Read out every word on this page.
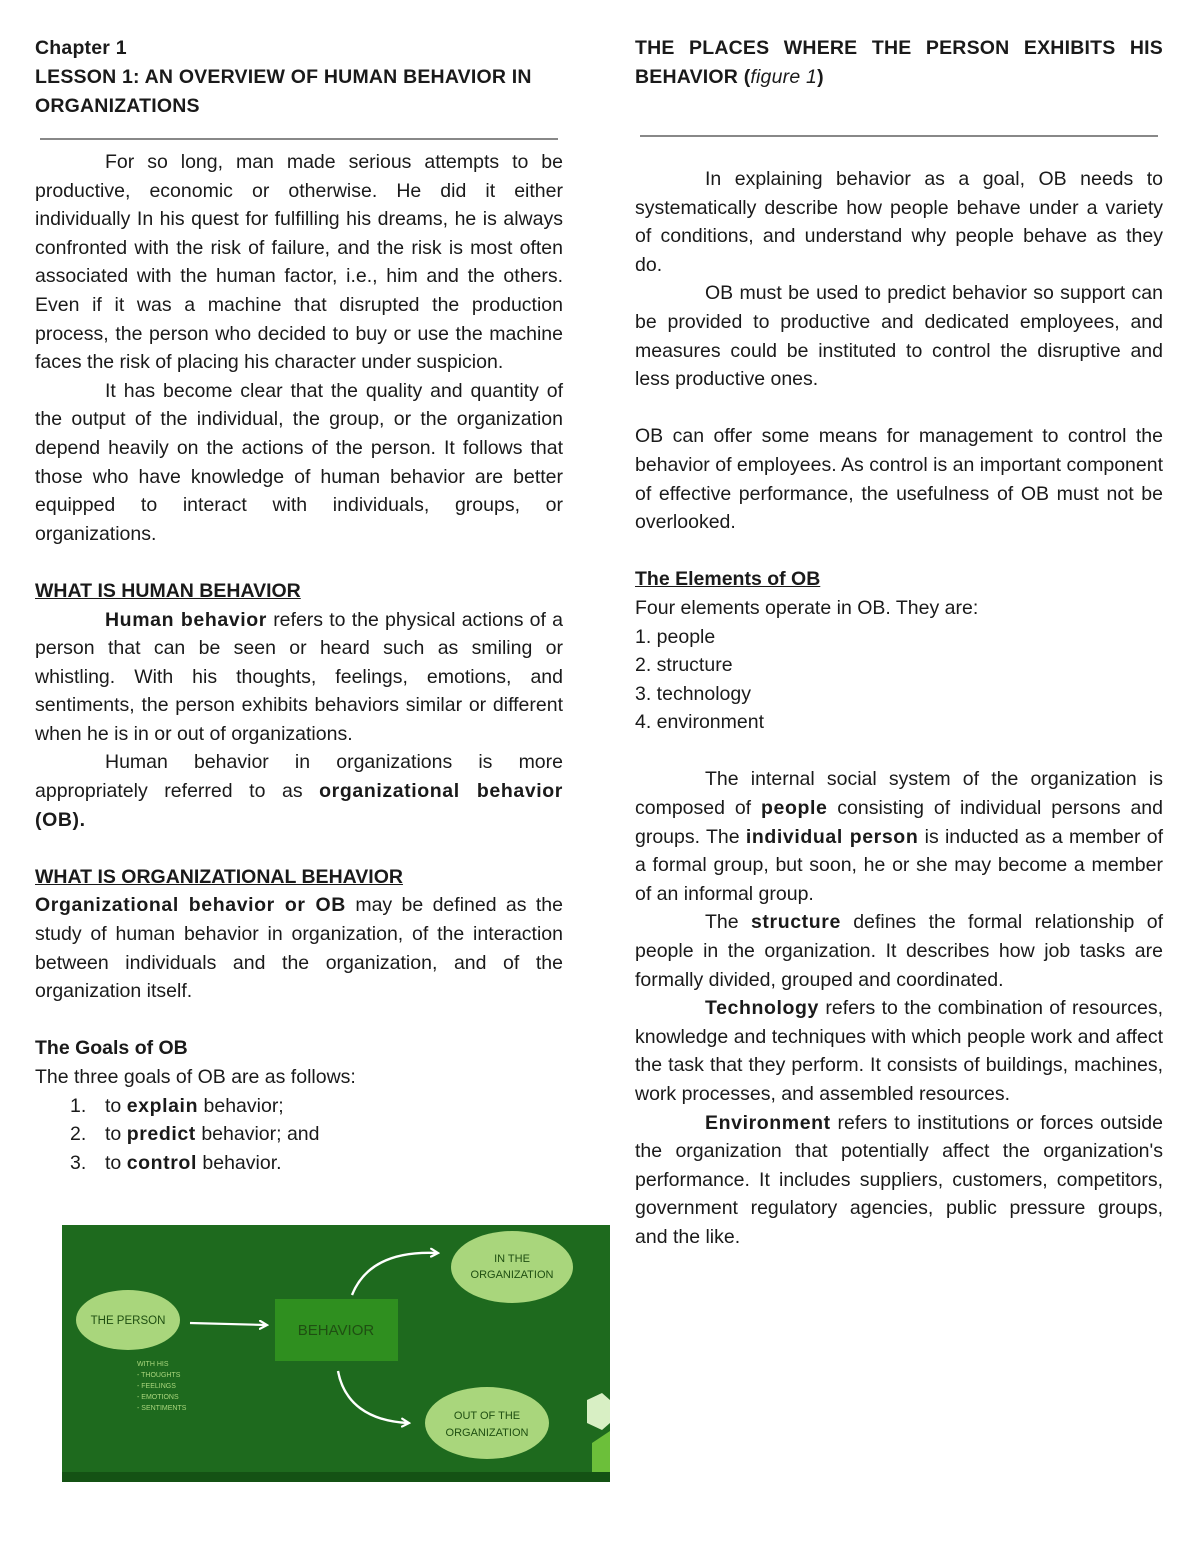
Chapter 1
LESSON 1: AN OVERVIEW OF HUMAN BEHAVIOR IN ORGANIZATIONS

For so long, man made serious attempts to be productive, economic or otherwise. He did it either individually In his quest for fulfilling his dreams, he is always confronted with the risk of failure, and the risk is most often associated with the human factor, i.e., him and the others. Even if it was a machine that disrupted the production process, the person who decided to buy or use the machine faces the risk of placing his character under suspicion.

It has become clear that the quality and quantity of the output of the individual, the group, or the organization depend heavily on the actions of the person. It follows that those who have knowledge of human behavior are better equipped to interact with individuals, groups, or organizations.

WHAT IS HUMAN BEHAVIOR

Human behavior refers to the physical actions of a person that can be seen or heard such as smiling or whistling. With his thoughts, feelings, emotions, and sentiments, the person exhibits behaviors similar or different when he is in or out of organizations.

Human behavior in organizations is more appropriately referred to as organizational behavior (OB).

WHAT IS ORGANIZATIONAL BEHAVIOR

Organizational behavior or OB may be defined as the study of human behavior in organization, of the interaction between individuals and the organization, and of the organization itself.

The Goals of OB
The three goals of OB are as follows:
1. to explain behavior;
2. to predict behavior; and
3. to control behavior.
THE PERSON
BEHAVIOR
IN THE
ORGANIZATION
OUT OF THE
ORGANIZATION
WITH HIS
- THOUGHTS
- FEELINGS
- EMOTIONS
- SENTIMENTS
THE PLACES WHERE THE PERSON EXHIBITS HIS BEHAVIOR (figure 1)

In explaining behavior as a goal, OB needs to systematically describe how people behave under a variety of conditions, and understand why people behave as they do.

OB must be used to predict behavior so support can be provided to productive and dedicated employees, and measures could be instituted to control the disruptive and less productive ones.

OB can offer some means for management to control the behavior of employees. As control is an important component of effective performance, the usefulness of OB must not be overlooked.

The Elements of OB
Four elements operate in OB. They are:
1. people
2. structure
3. technology
4. environment

The internal social system of the organization is composed of people consisting of individual persons and groups. The individual person is inducted as a member of a formal group, but soon, he or she may become a member of an informal group.

The structure defines the formal relationship of people in the organization. It describes how job tasks are formally divided, grouped and coordinated.

Technology refers to the combination of resources, knowledge and techniques with which people work and affect the task that they perform. It consists of buildings, machines, work processes, and assembled resources.

Environment refers to institutions or forces outside the organization that potentially affect the organization's performance. It includes suppliers, customers, competitors, government regulatory agencies, public pressure groups, and the like.
